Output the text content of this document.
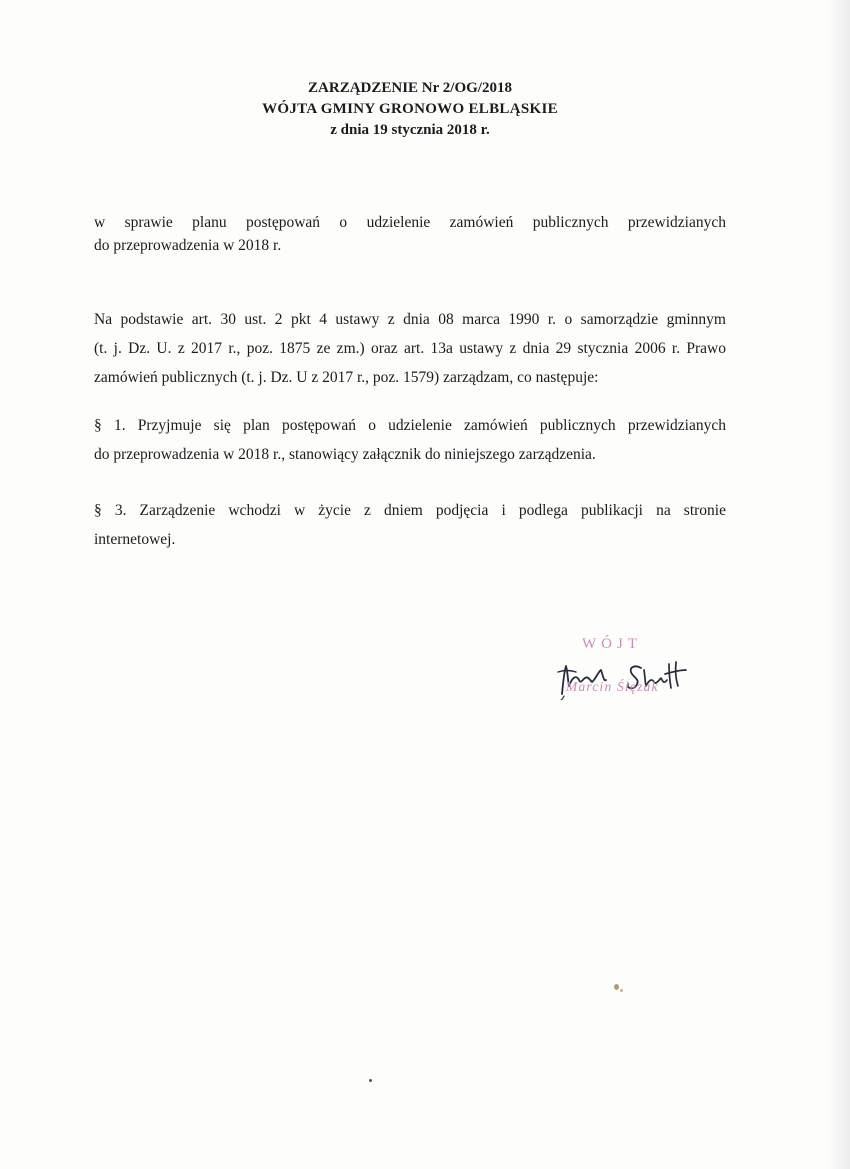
ZARZĄDZENIE Nr 2/OG/2018
WÓJTA GMINY GRONOWO ELBLĄSKIE
z dnia 19 stycznia 2018 r.
w sprawie planu postępowań o udzielenie zamówień publicznych przewidzianych
do przeprowadzenia w 2018 r.
Na podstawie art. 30 ust. 2 pkt 4 ustawy z dnia 08 marca 1990 r. o samorządzie gminnym
(t. j. Dz. U. z 2017 r., poz. 1875 ze zm.) oraz art. 13a ustawy z dnia 29 stycznia 2006 r. Prawo
zamówień publicznych (t. j. Dz. U z 2017 r., poz. 1579) zarządzam, co następuje:
§ 1. Przyjmuje się plan postępowań o udzielenie zamówień publicznych przewidzianych
do przeprowadzenia w 2018 r., stanowiący załącznik do niniejszego zarządzenia.
§ 3. Zarządzenie wchodzi w życie z dniem podjęcia i podlega publikacji na stronie
internetowej.
WÓJT
Marcin Ślęzak
